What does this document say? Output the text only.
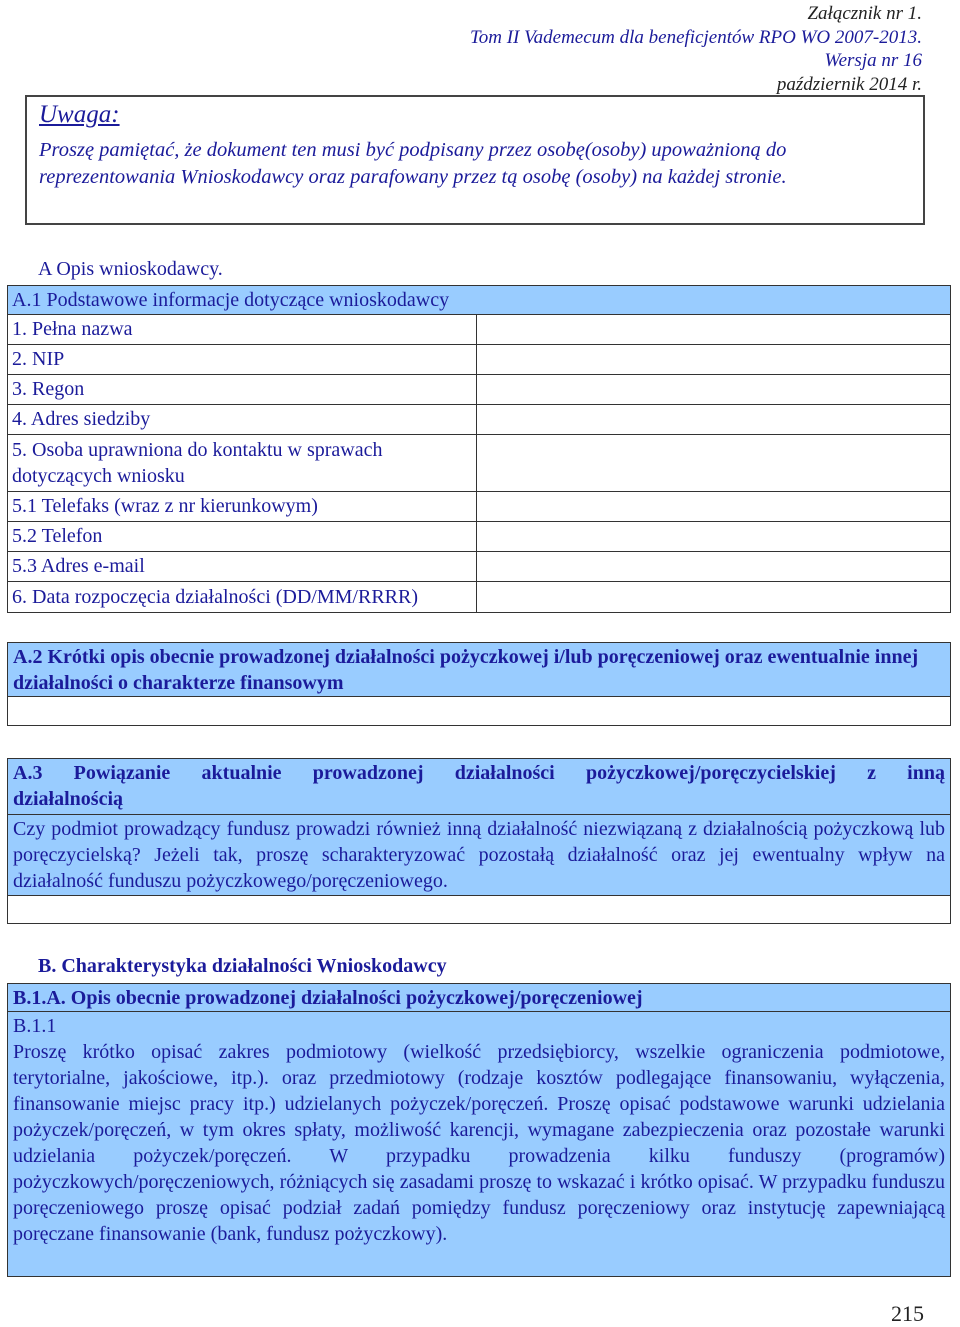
Załącznik nr 1.
Tom II Vademecum dla beneficjentów RPO WO 2007-2013.
Wersja nr 16
październik 2014 r.
Uwaga:
Proszę pamiętać, że dokument ten musi być podpisany przez osobę(osoby) upoważnioną do reprezentowania Wnioskodawcy oraz parafowany przez tą osobę (osoby) na każdej stronie.
A Opis wnioskodawcy.
A.1 Podstawowe informacje dotyczące wnioskodawcy	
1. Pełna nazwa	
2. NIP	
3. Regon	
4. Adres siedziby	
5. Osoba uprawniona do kontaktu w sprawach dotyczących wniosku	
5.1 Telefaks (wraz z nr kierunkowym)	
5.2 Telefon	
5.3 Adres e-mail	
6. Data rozpoczęcia działalności (DD/MM/RRRR)	
A.2 Krótki opis obecnie prowadzonej działalności pożyczkowej i/lub poręczeniowej oraz ewentualnie innej działalności o charakterze finansowym
A.3 Powiązanie aktualnie prowadzonej działalności pożyczkowej/poręczycielskiej z inną
działalnością
Czy podmiot prowadzący fundusz prowadzi również inną działalność niezwiązaną z działalnością pożyczkową lub poręczycielską? Jeżeli tak, proszę scharakteryzować pozostałą działalność oraz jej ewentualny wpływ na działalność funduszu pożyczkowego/poręczeniowego.
B. Charakterystyka działalności Wnioskodawcy
B.1.A. Opis obecnie prowadzonej działalności pożyczkowej/poręczeniowej
B.1.1
Proszę krótko opisać zakres podmiotowy (wielkość przedsiębiorcy, wszelkie ograniczenia podmiotowe, terytorialne, jakościowe, itp.). oraz przedmiotowy (rodzaje kosztów podlegające finansowaniu, wyłączenia, finansowanie miejsc pracy itp.) udzielanych pożyczek/poręczeń. Proszę opisać podstawowe warunki udzielania pożyczek/poręczeń, w tym okres spłaty, możliwość karencji, wymagane zabezpieczenia oraz pozostałe warunki udzielania pożyczek/poręczeń. W przypadku prowadzenia kilku funduszy (programów) pożyczkowych/poręczeniowych, różniących się zasadami proszę to wskazać i krótko opisać. W przypadku funduszu poręczeniowego proszę opisać podział zadań pomiędzy fundusz poręczeniowy oraz instytucję zapewniającą poręczane finansowanie (bank, fundusz pożyczkowy).
215
